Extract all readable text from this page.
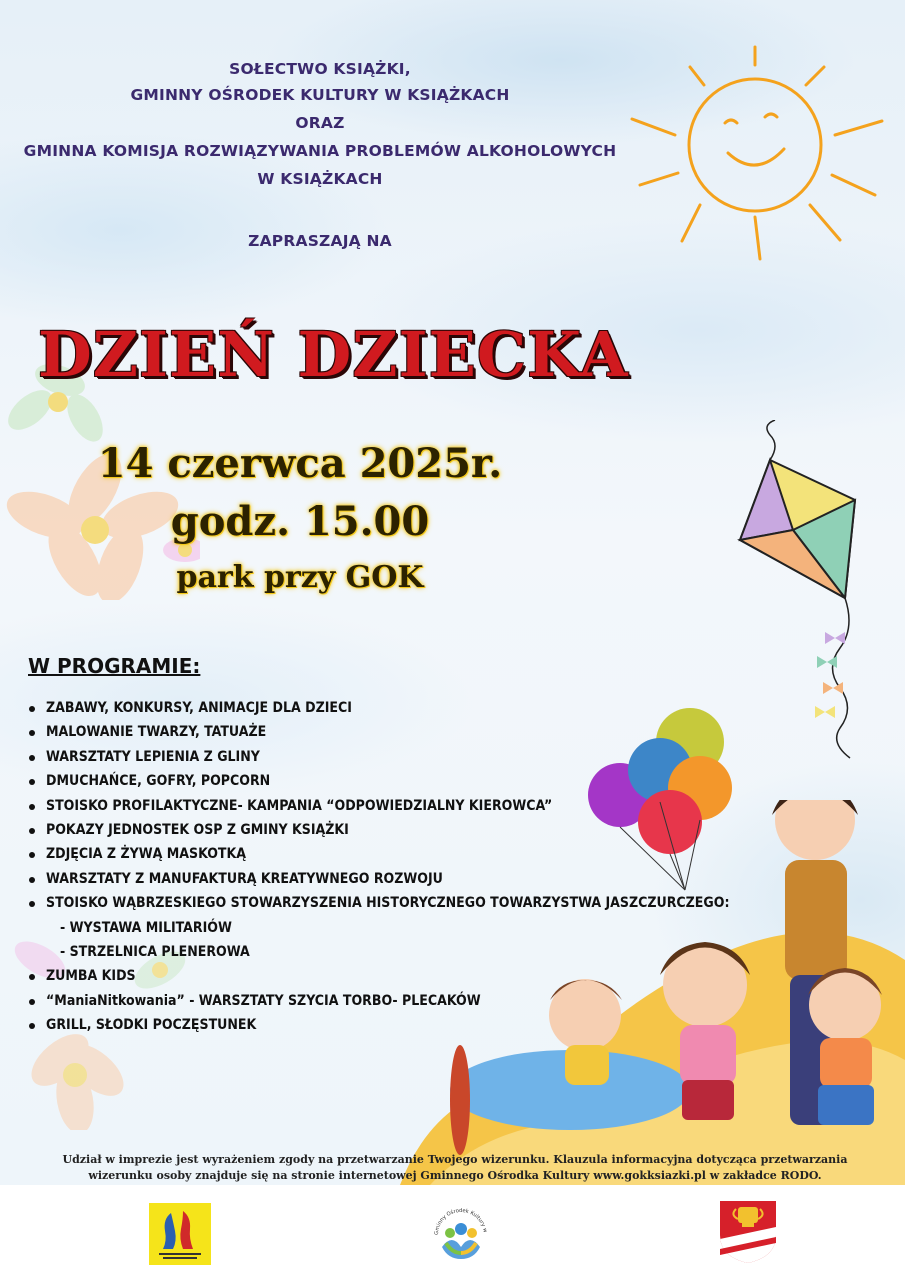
SOŁECTWO KSIĄŻKI,
GMINNY OŚRODEK KULTURY W KSIĄŻKACH
ORAZ
GMINNA KOMISJA ROZWIĄZYWANIA PROBLEMÓW ALKOHOLOWYCH
W KSIĄŻKACH
ZAPRASZAJĄ NA
DZIEŃ DZIECKA
14 czerwca 2025r.
godz. 15.00
park przy GOK
W PROGRAMIE:
ZABAWY, KONKURSY, ANIMACJE DLA DZIECI
MALOWANIE TWARZY, TATUAŻE
WARSZTATY LEPIENIA Z GLINY
DMUCHAŃCE, GOFRY, POPCORN
STOISKO PROFILAKTYCZNE- KAMPANIA “ODPOWIEDZIALNY KIEROWCA”
POKAZY JEDNOSTEK OSP Z GMINY KSIĄŻKI
ZDJĘCIA Z ŻYWĄ MASKOTKĄ
WARSZTATY Z MANUFAKTURĄ KREATYWNEGO ROZWOJU
STOISKO WĄBRZESKIEGO STOWARZYSZENIA HISTORYCZNEGO TOWARZYSTWA JASZCZURCZEGO:
- WYSTAWA MILITARIÓW
- STRZELNICA PLENEROWA
ZUMBA KIDS
“ManiaNitkowania” - WARSZTATY SZYCIA TORBO- PLECAKÓW
GRILL, SŁODKI POCZĘSTUNEK
Udział w imprezie jest wyrażeniem zgody na przetwarzanie Twojego wizerunku. Klauzula informacyjna dotycząca przetwarzania
wizerunku osoby znajduje się na stronie internetowej Gminnego Ośrodka Kultury www.gokksiazki.pl w zakładce RODO.
Gminny Ośrodek Kultury w
